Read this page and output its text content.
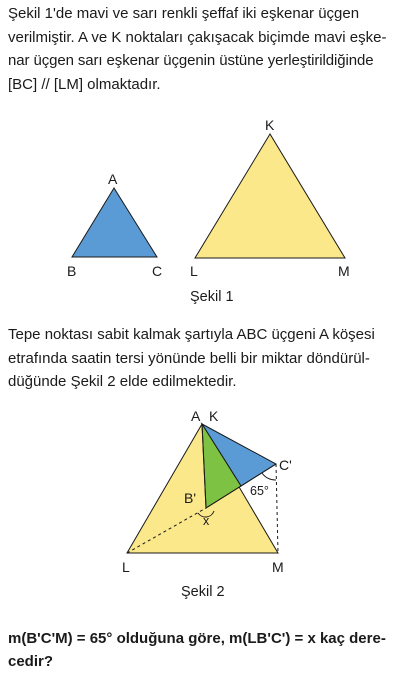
Şekil 1'de mavi ve sarı renkli şeffaf iki eşkenar üçgen
verilmiştir. A ve K noktaları çakışacak biçimde mavi eşke-
nar üçgen sarı eşkenar üçgenin üstüne yerleştirildiğinde
[BC] // [LM] olmaktadır.
A
B	C
K
L	M
A K
B'
C'
L	M
x
65°
Şekil 1
Tepe noktası sabit kalmak şartıyla ABC üçgeni A köşesi
etrafında saatin tersi yönünde belli bir miktar döndürül-
düğünde Şekil 2 elde edilmektedir.
Şekil 2
m(B'C'M) = 65° olduğuna göre, m(LB'C') = x kaç dere-
cedir?
